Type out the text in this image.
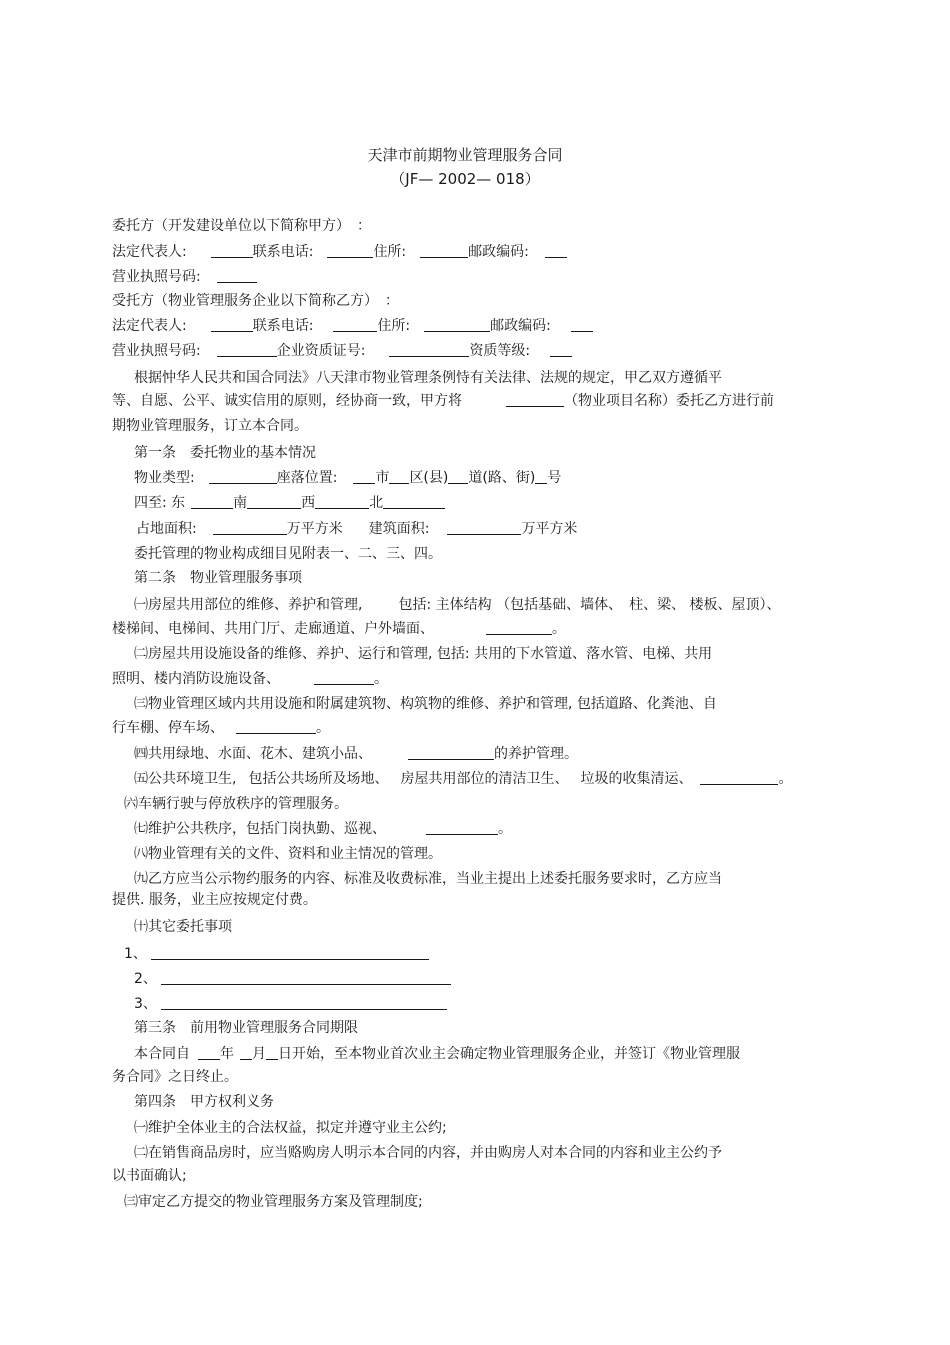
天津市前期物业管理服务合同
（JF— 2002— 018）
委托方（开发建设单位以下简称甲方）　：
法定代表人:	联系电话:	住所:	邮政编码:
营业执照号码:
受托方（物业管理服务企业以下简称乙方）　：
法定代表人:	联系电话:	住所:	邮政编码:
营业执照号码:	企业资质证号:	资质等级:
根据忡华人民共和国合同法》八天津市物业管理条例恃有关法律、法规的规定，甲乙双方遵循平
等、自愿、公平、诚实信用的原则，经协商一致，甲方将	（物业项目名称）委托乙方进行前
期物业管理服务，订立本合同。
第一条　委托物业的基本情况
物业类型:	座落位置:	市 区(县) 道(路、街) 号
四至: 东	南	西	北
占地面积:	万平方米 建筑面积:	万平方米
委托管理的物业构成细目见附表一、二、三、四。
第二条　物业管理服务事项
㈠房屋共用部位的维修、养护和管理,	包括: 主体结构 （包括基础、墙体、　柱、梁、 楼板、屋顶）、
楼梯间、电梯间、共用门厅、走廊通道、户外墙面、	。
㈡房屋共用设施设备的维修、养护、运行和管理, 包括: 共用的下水管道、落水管、电梯、共用
照明、楼内消防设施设备、	。
㈢物业管理区域内共用设施和附属建筑物、构筑物的维修、养护和管理, 包括道路、化粪池、自
行车棚、停车场、	。
㈣共用绿地、水面、花木、建筑小品、	的养护管理。
㈤公共环境卫生, 包括公共场所及场地、 房屋共用部位的清洁卫生、 垃圾的收集清运、	。
㈥车辆行驶与停放秩序的管理服务。
㈦维护公共秩序，包括门岗执勤、巡视、	。
㈧物业管理有关的文件、资料和业主情况的管理。
㈨乙方应当公示物约服务的内容、标准及收费标准，当业主提出上述委托服务要求时，乙方应当
提供. 服务，业主应按规定付费。
㈩其它委托事项
1、
2、
3、
第三条　前用物业管理服务合同期限
本合同自 年 月 日开始，至本物业首次业主会确定物业管理服务企业，并签订《物业管理服
务合同》之日终止。
第四条　甲方权利义务
㈠维护全体业主的合法权益，拟定并遵守业主公约;
㈡在销售商品房时，应当赂购房人明示本合同的内容，并由购房人对本合同的内容和业主公约予
以书面确认;
㈢审定乙方提交的物业管理服务方案及管理制度;
